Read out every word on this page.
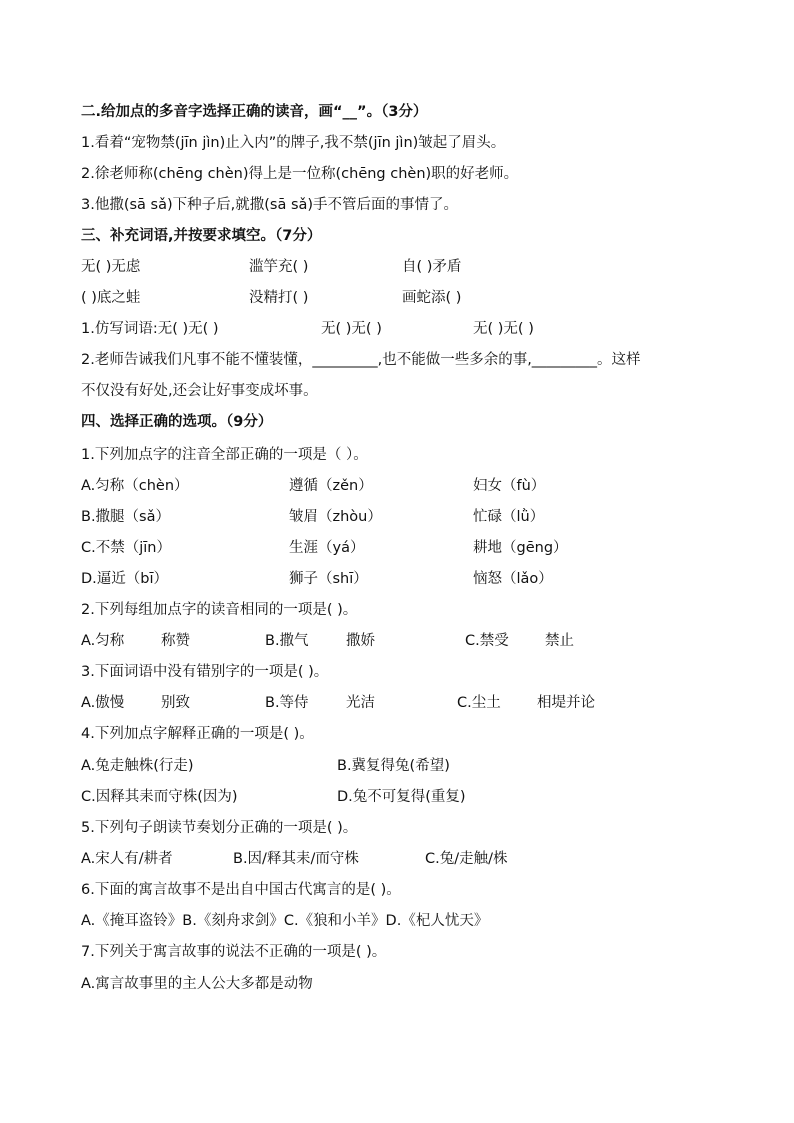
二.给加点的多音字选择正确的读音，画“__”。（3分）
1.看着“宠物禁(jīn jìn)止入内”的牌子,我不禁(jīn jìn)皱起了眉头。
2.徐老师称(chēng chèn)得上是一位称(chēng chèn)职的好老师。
3.他撒(sā sǎ)下种子后,就撒(sā sǎ)手不管后面的事情了。
三、补充词语,并按要求填空。（7分）
无( )无虑	滥竽充( )	自( )矛盾
( )底之蛙	没精打( )	画蛇添( )
1.仿写词语:无( )无( )	无( )无( )	无( )无( )
2.老师告诫我们凡事不能不懂装懂，_________,也不能做一些多余的事,_________。这样
不仅没有好处,还会让好事变成坏事。
四、选择正确的选项。（9分）
1.下列加点字的注音全部正确的一项是（ ）。
A.匀称（chèn）	遵循（zěn）	妇女（fù）
B.撒腿（sǎ）	皱眉（zhòu）	忙碌（lǜ）
C.不禁（jīn）	生涯（yá）	耕地（gēng）
D.逼近（bī）	狮子（shī）	恼怒（lǎo）
2.下列每组加点字的读音相同的一项是( )。
A.匀称	称赞	B.撒气	撒娇	C.禁受	禁止
3.下面词语中没有错别字的一项是( )。
A.傲慢	别致	B.等侍	光洁	C.尘土	相堤并论
4.下列加点字解释正确的一项是( )。
A.兔走触株(行走)	B.冀复得兔(希望)
C.因释其耒而守株(因为)	D.兔不可复得(重复)
5.下列句子朗读节奏划分正确的一项是( )。
A.宋人有/耕者	B.因/释其耒/而守株	C.兔/走触/株
6.下面的寓言故事不是出自中国古代寓言的是( )。
A.《掩耳盗铃》B.《刻舟求剑》C.《狼和小羊》D.《杞人忧天》
7.下列关于寓言故事的说法不正确的一项是( )。
A.寓言故事里的主人公大多都是动物
